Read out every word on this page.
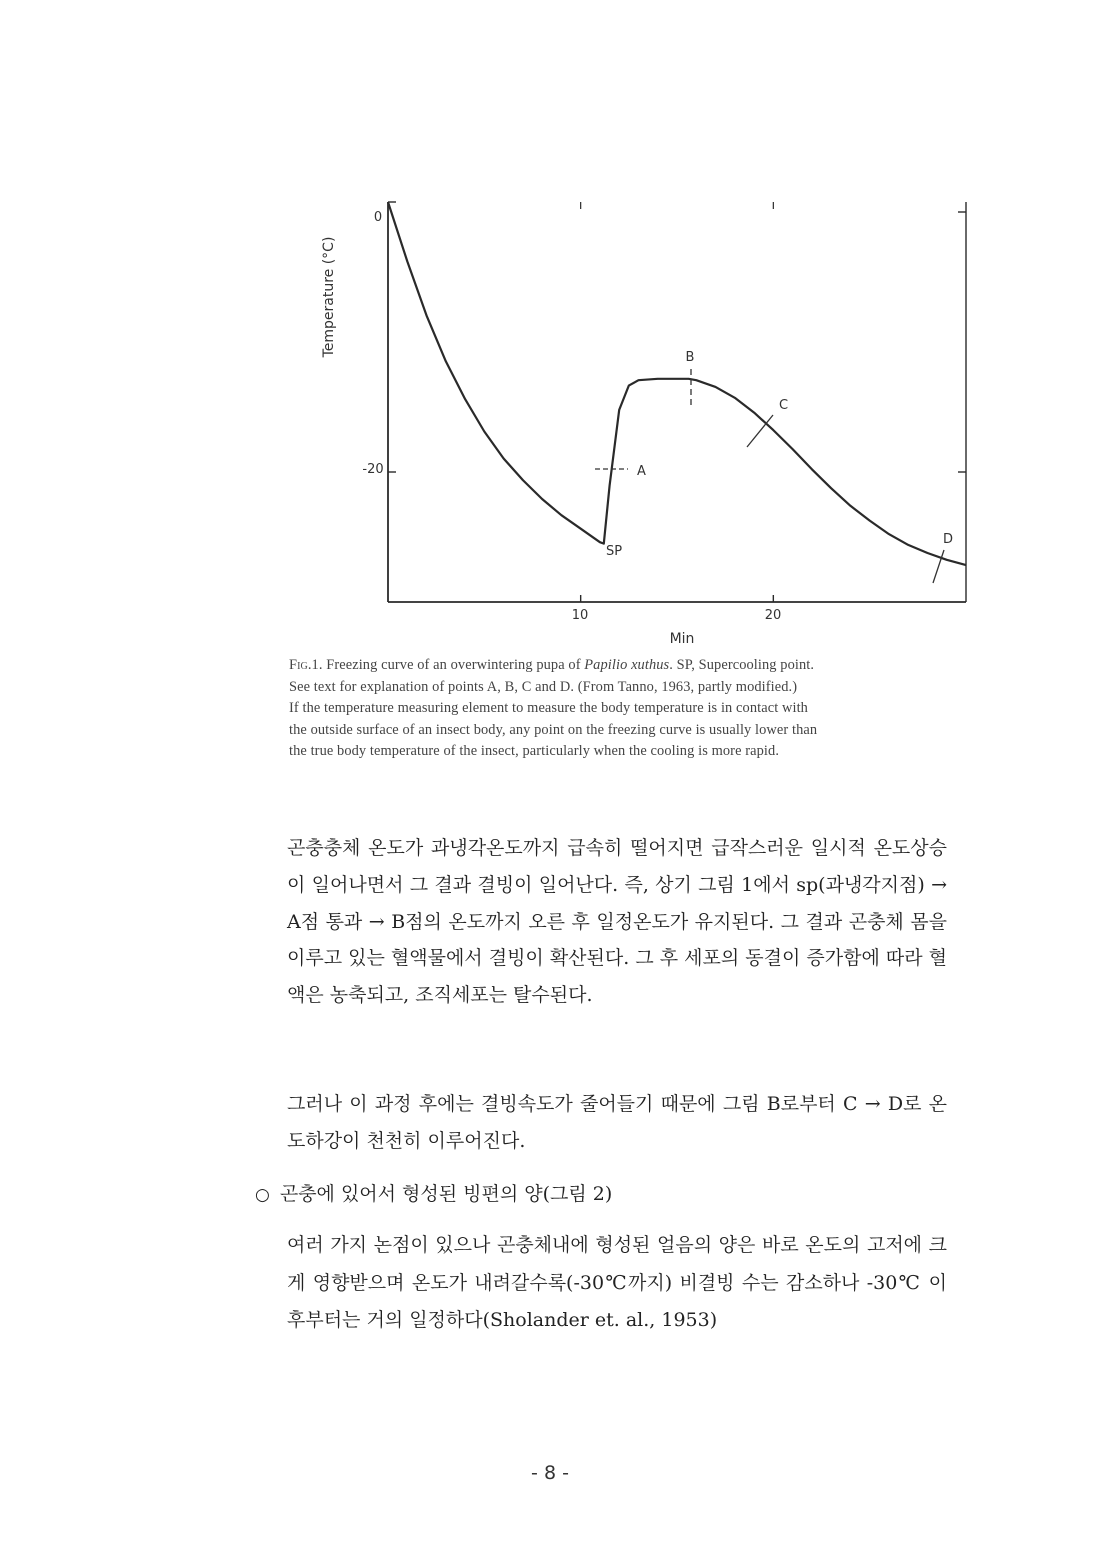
Temperature (°C)
Min
0
-20
10	20
A
SP
B
C
D
Fig.1. Freezing curve of an overwintering pupa of Papilio xuthus. SP, Supercooling point.
See text for explanation of points A, B, C and D. (From Tanno, 1963, partly modified.)
If the temperature measuring element to measure the body temperature is in contact with
the outside surface of an insect body, any point on the freezing curve is usually lower than
the true body temperature of the insect, particularly when the cooling is more rapid.

곤충충체 온도가 과냉각온도까지 급속히 떨어지면 급작스러운 일시적 온도상승이 일어나면서 그 결과 결빙이 일어난다. 즉, 상기 그림 1에서 sp(과냉각지점) → A점 통과 → B점의 온도까지 오른 후 일정온도가 유지된다. 그 결과 곤충체 몸을 이루고 있는 혈액물에서 결빙이 확산된다. 그 후 세포의 동결이 증가함에 따라 혈액은 농축되고, 조직세포는 탈수된다.

그러나 이 과정 후에는 결빙속도가 줄어들기 때문에 그림 B로부터 C → D로 온도하강이 천천히 이루어진다.

○ 곤충에 있어서 형성된 빙편의 양(그림 2)

여러 가지 논점이 있으나 곤충체내에 형성된 얼음의 양은 바로 온도의 고저에 크게 영향받으며 온도가 내려갈수록(-30℃까지) 비결빙 수는 감소하나 -30℃ 이후부터는 거의 일정하다(Sholander et. al., 1953)

- 8 -
